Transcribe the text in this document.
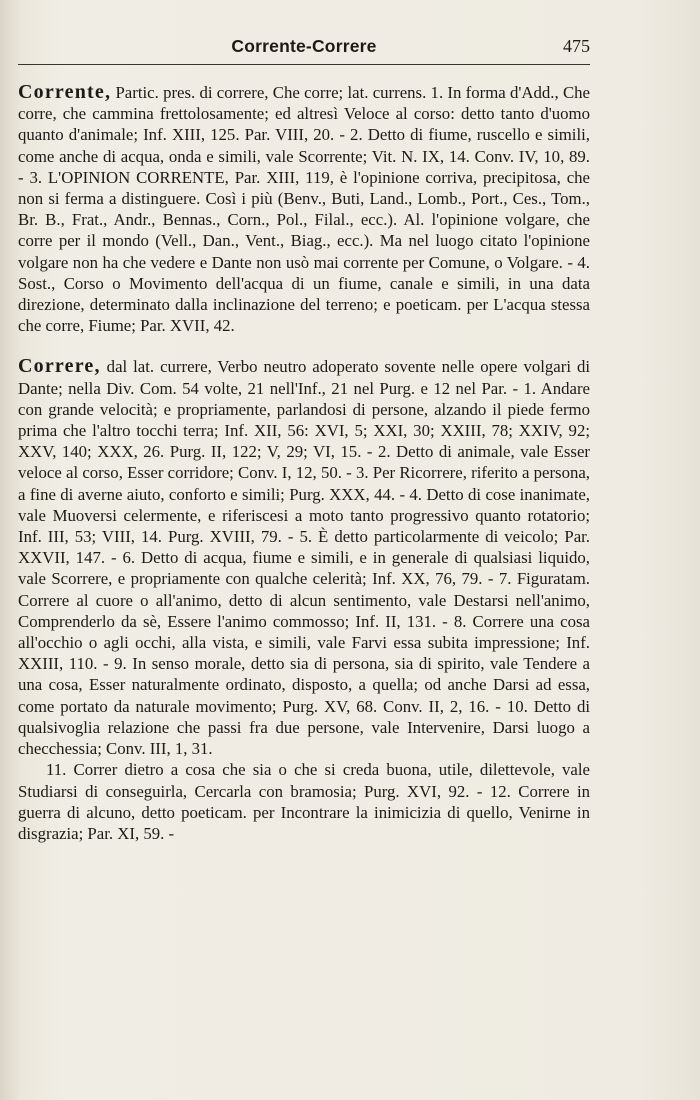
Corrente-Correre	475

Corrente, Partic. pres. di correre, Che corre; lat. currens. 1. In forma d'Add., Che corre, che cammina frettolosamente; ed altresì Veloce al corso: detto tanto d'uomo quanto d'animale; Inf. XIII, 125. Par. VIII, 20. - 2. Detto di fiume, ruscello e simili, come anche di acqua, onda e simili, vale Scorrente; Vit. N. IX, 14. Conv. IV, 10, 89. - 3. L'OPINION CORRENTE, Par. XIII, 119, è l'opinione corriva, precipitosa, che non si ferma a distinguere. Così i più (Benv., Buti, Land., Lomb., Port., Ces., Tom., Br. B., Frat., Andr., Bennas., Corn., Pol., Filal., ecc.). Al. l'opinione volgare, che corre per il mondo (Vell., Dan., Vent., Biag., ecc.). Ma nel luogo citato l'opinione volgare non ha che vedere e Dante non usò mai corrente per Comune, o Volgare. - 4. Sost., Corso o Movimento dell'acqua di un fiume, canale e simili, in una data direzione, determinato dalla inclinazione del terreno; e poeticam. per L'acqua stessa che corre, Fiume; Par. XVII, 42.

Correre, dal lat. currere, Verbo neutro adoperato sovente nelle opere volgari di Dante; nella Div. Com. 54 volte, 21 nell'Inf., 21 nel Purg. e 12 nel Par. - 1. Andare con grande velocità; e propriamente, parlandosi di persone, alzando il piede fermo prima che l'altro tocchi terra; Inf. XII, 56: XVI, 5; XXI, 30; XXIII, 78; XXIV, 92; XXV, 140; XXX, 26. Purg. II, 122; V, 29; VI, 15. - 2. Detto di animale, vale Esser veloce al corso, Esser corridore; Conv. I, 12, 50. - 3. Per Ricorrere, riferito a persona, a fine di averne aiuto, conforto e simili; Purg. XXX, 44. - 4. Detto di cose inanimate, vale Muoversi celermente, e riferiscesi a moto tanto progressivo quanto rotatorio; Inf. III, 53; VIII, 14. Purg. XVIII, 79. - 5. È detto particolarmente di veicolo; Par. XXVII, 147. - 6. Detto di acqua, fiume e simili, e in generale di qualsiasi liquido, vale Scorrere, e propriamente con qualche celerità; Inf. XX, 76, 79. - 7. Figuratam. Correre al cuore o all'animo, detto di alcun sentimento, vale Destarsi nell'animo, Comprenderlo da sè, Essere l'animo commosso; Inf. II, 131. - 8. Correre una cosa all'occhio o agli occhi, alla vista, e simili, vale Farvi essa subita impressione; Inf. XXIII, 110. - 9. In senso morale, detto sia di persona, sia di spirito, vale Tendere a una cosa, Esser naturalmente ordinato, disposto, a quella; od anche Darsi ad essa, come portato da naturale movimento; Purg. XV, 68. Conv. II, 2, 16. - 10. Detto di qualsivoglia relazione che passi fra due persone, vale Intervenire, Darsi luogo a checchessia; Conv. III, 1, 31.

11. Correr dietro a cosa che sia o che si creda buona, utile, dilettevole, vale Studiarsi di conseguirla, Cercarla con bramosia; Purg. XVI, 92. - 12. Correre in guerra di alcuno, detto poeticam. per Incontrare la inimicizia di quello, Venirne in disgrazia; Par. XI, 59. -
